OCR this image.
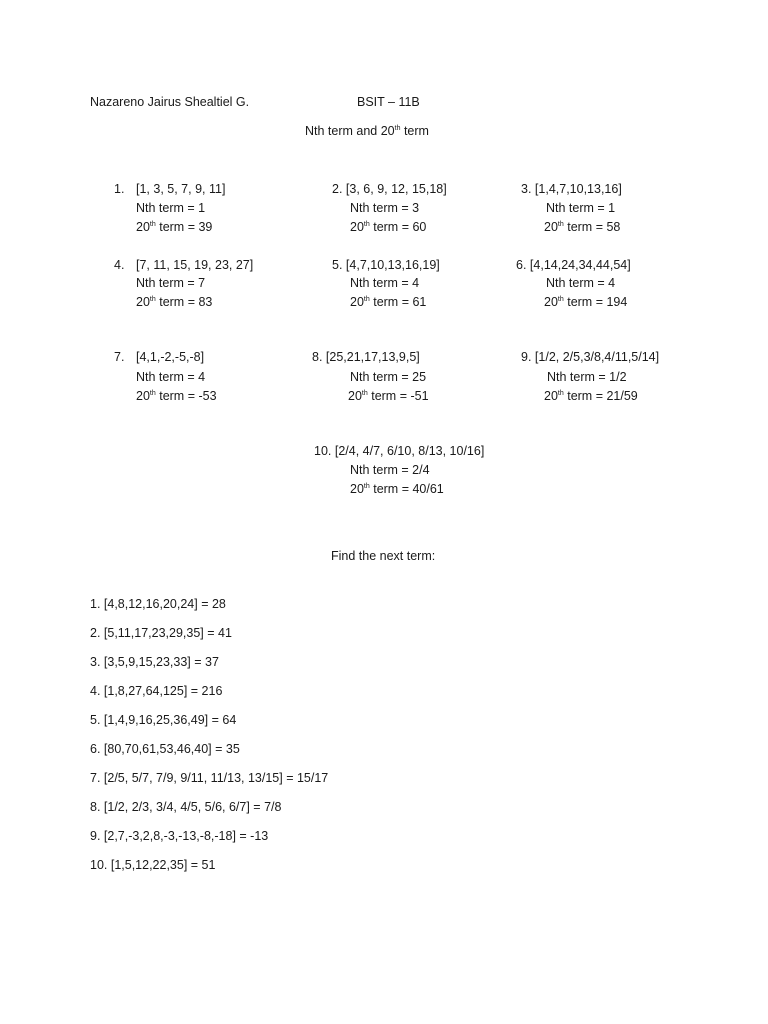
Nazareno Jairus Shealtiel G.	BSIT – 11B
Nth term and 20th term
1. [1, 3, 5, 7, 9, 11]
Nth term = 1
20th term = 39
2. [3, 6, 9, 12, 15,18]
Nth term = 3
20th term = 60
3. [1,4,7,10,13,16]
Nth term = 1
20th term = 58
4. [7, 11, 15, 19, 23, 27]
Nth term = 7
20th term = 83
5. [4,7,10,13,16,19]
Nth term = 4
20th term = 61
6. [4,14,24,34,44,54]
Nth term = 4
20th term = 194
7. [4,1,-2,-5,-8]
Nth term = 4
20th term = -53
8. [25,21,17,13,9,5]
Nth term = 25
20th term = -51
9. [1/2, 2/5,3/8,4/11,5/14]
Nth term = 1/2
20th term = 21/59
10. [2/4, 4/7, 6/10, 8/13, 10/16]
Nth term = 2/4
20th term = 40/61
Find the next term:
1. [4,8,12,16,20,24] = 28
2. [5,11,17,23,29,35] = 41
3. [3,5,9,15,23,33] = 37
4. [1,8,27,64,125] = 216
5. [1,4,9,16,25,36,49] = 64
6. [80,70,61,53,46,40] = 35
7. [2/5, 5/7, 7/9, 9/11, 11/13, 13/15] = 15/17
8. [1/2, 2/3, 3/4, 4/5, 5/6, 6/7] = 7/8
9. [2,7,-3,2,8,-3,-13,-8,-18] = -13
10. [1,5,12,22,35] = 51
